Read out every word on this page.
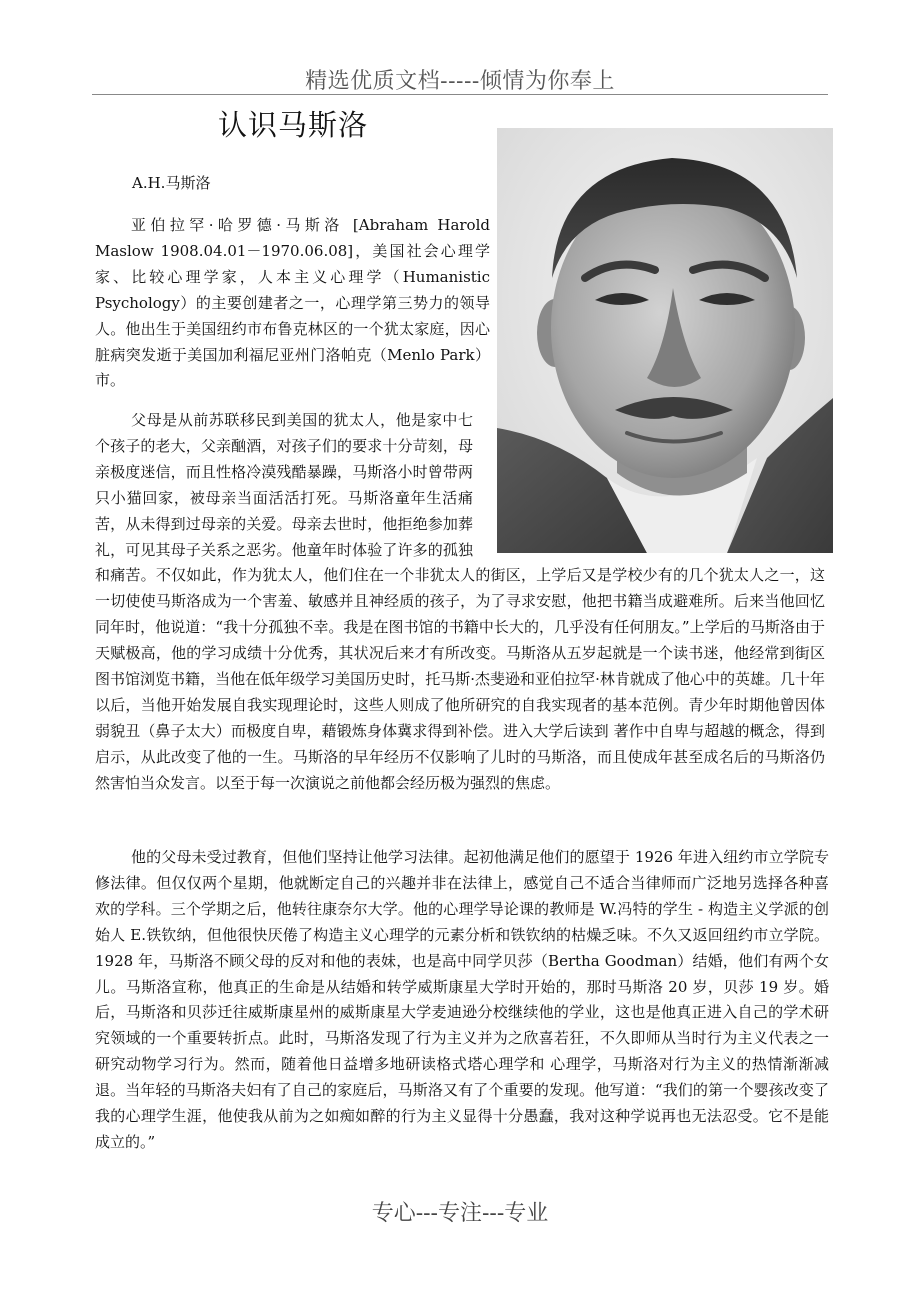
精选优质文档-----倾情为你奉上
认识马斯洛
A.H.马斯洛

亚伯拉罕·哈罗德·马斯洛 [Abraham Harold Maslow 1908.04.01－1970.06.08]，美国社会心理学家、比较心理学家，人本主义心理学（Humanistic Psychology）的主要创建者之一，心理学第三势力的领导人。他出生于美国纽约市布鲁克林区的一个犹太家庭，因心脏病突发逝于美国加利福尼亚州门洛帕克（Menlo Park）市。

父母是从前苏联移民到美国的犹太人，他是家中七个孩子的老大，父亲酗酒，对孩子们的要求十分苛刻，母亲极度迷信，而且性格冷漠残酷暴躁，马斯洛小时曾带两只小猫回家，被母亲当面活活打死。马斯洛童年生活痛苦，从未得到过母亲的关爱。母亲去世时，他拒绝参加葬礼，可见其母子关系之恶劣。他童年时体验了许多的孤独和痛苦。不仅如此，作为犹太人，他们住在一个非犹太人的街区，上学后又是学校少有的几个犹太人之一，这一切使使马斯洛成为一个害羞、敏感并且神经质的孩子，为了寻求安慰，他把书籍当成避难所。后来当他回忆同年时，他说道：“我十分孤独不幸。我是在图书馆的书籍中长大的，几乎没有任何朋友。”上学后的马斯洛由于天赋极高，他的学习成绩十分优秀，其状况后来才有所改变。马斯洛从五岁起就是一个读书迷，他经常到街区图书馆浏览书籍，当他在低年级学习美国历史时，托马斯·杰斐逊和亚伯拉罕·林肯就成了他心中的英雄。几十年以后，当他开始发展自我实现理论时，这些人则成了他所研究的自我实现者的基本范例。青少年时期他曾因体弱貌丑（鼻子太大）而极度自卑，藉锻炼身体冀求得到补偿。进入大学后读到 著作中自卑与超越的概念，得到启示，从此改变了他的一生。马斯洛的早年经历不仅影响了儿时的马斯洛，而且使成年甚至成名后的马斯洛仍然害怕当众发言。以至于每一次演说之前他都会经历极为强烈的焦虑。

他的父母未受过教育，但他们坚持让他学习法律。起初他满足他们的愿望于 1926 年进入纽约市立学院专修法律。但仅仅两个星期，他就断定自己的兴趣并非在法律上，感觉自己不适合当律师而广泛地另选择各种喜欢的学科。三个学期之后，他转往康奈尔大学。他的心理学导论课的教师是 W.冯特的学生 - 构造主义学派的创始人 E.铁钦纳，但他很快厌倦了构造主义心理学的元素分析和铁钦纳的枯燥乏味。不久又返回纽约市立学院。1928 年，马斯洛不顾父母的反对和他的表妹，也是高中同学贝莎（Bertha Goodman）结婚，他们有两个女儿。马斯洛宣称，他真正的生命是从结婚和转学威斯康星大学时开始的，那时马斯洛 20 岁，贝莎 19 岁。婚后，马斯洛和贝莎迁往威斯康星州的威斯康星大学麦迪逊分校继续他的学业，这也是他真正进入自己的学术研究领域的一个重要转折点。此时，马斯洛发现了行为主义并为之欣喜若狂，不久即师从当时行为主义代表之一 研究动物学习行为。然而，随着他日益增多地研读格式塔心理学和 心理学，马斯洛对行为主义的热情渐渐减退。当年轻的马斯洛夫妇有了自己的家庭后，马斯洛又有了个重要的发现。他写道：“我们的第一个婴孩改变了我的心理学生涯，他使我从前为之如痴如醉的行为主义显得十分愚蠢，我对这种学说再也无法忍受。它不是能成立的。”

专心---专注---专业
